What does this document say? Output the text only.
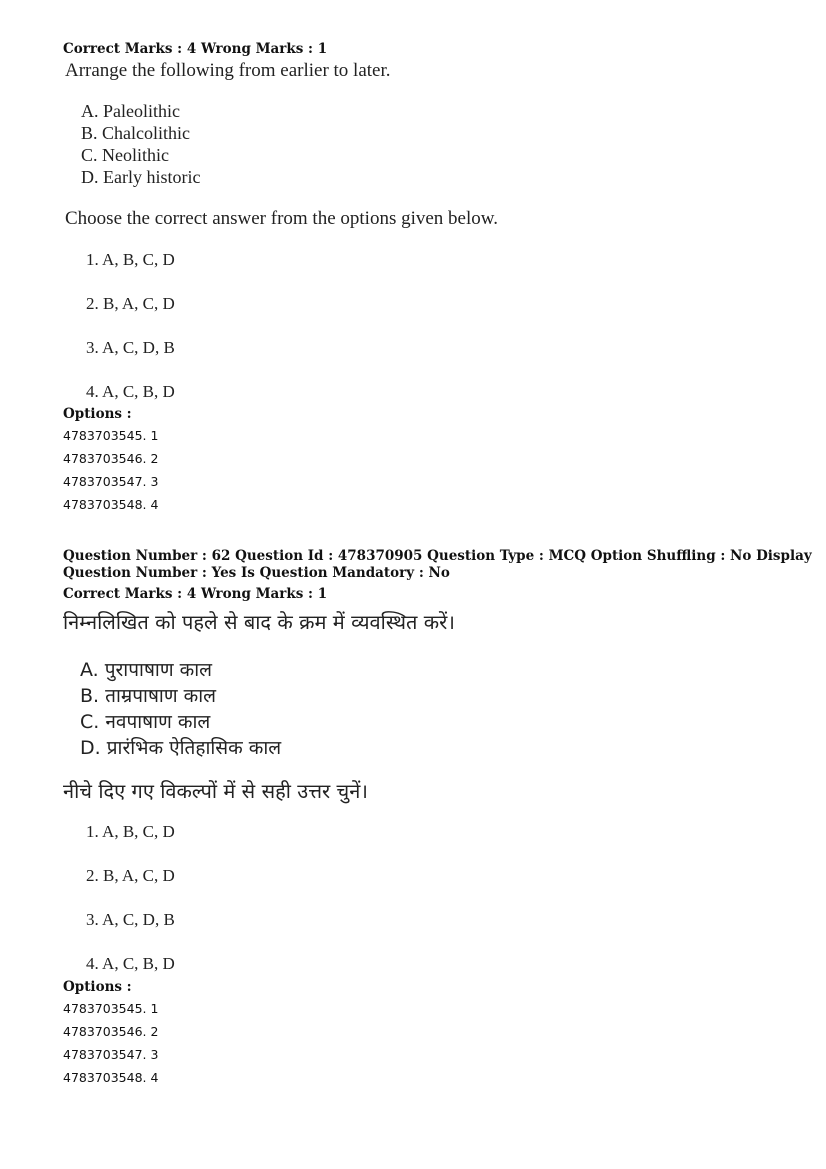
Correct Marks : 4 Wrong Marks : 1
Arrange the following from earlier to later.
A. Paleolithic
B. Chalcolithic
C. Neolithic
D. Early historic
Choose the correct answer from the options given below.
1. A, B, C, D
2. B, A, C, D
3. A, C, D, B
4. A, C, B, D
Options :
4783703545. 1
4783703546. 2
4783703547. 3
4783703548. 4
Question Number : 62 Question Id : 478370905 Question Type : MCQ Option Shuffling : No Display
Question Number : Yes Is Question Mandatory : No
Correct Marks : 4 Wrong Marks : 1
निम्नलिखित को पहले से बाद के क्रम में व्यवस्थित करें।
A. पुरापाषाण काल
B. ताम्रपाषाण काल
C. नवपाषाण काल
D. प्रारंभिक ऐतिहासिक काल
नीचे दिए गए विकल्पों में से सही उत्तर चुनें।
1. A, B, C, D
2. B, A, C, D
3. A, C, D, B
4. A, C, B, D
Options :
4783703545. 1
4783703546. 2
4783703547. 3
4783703548. 4
